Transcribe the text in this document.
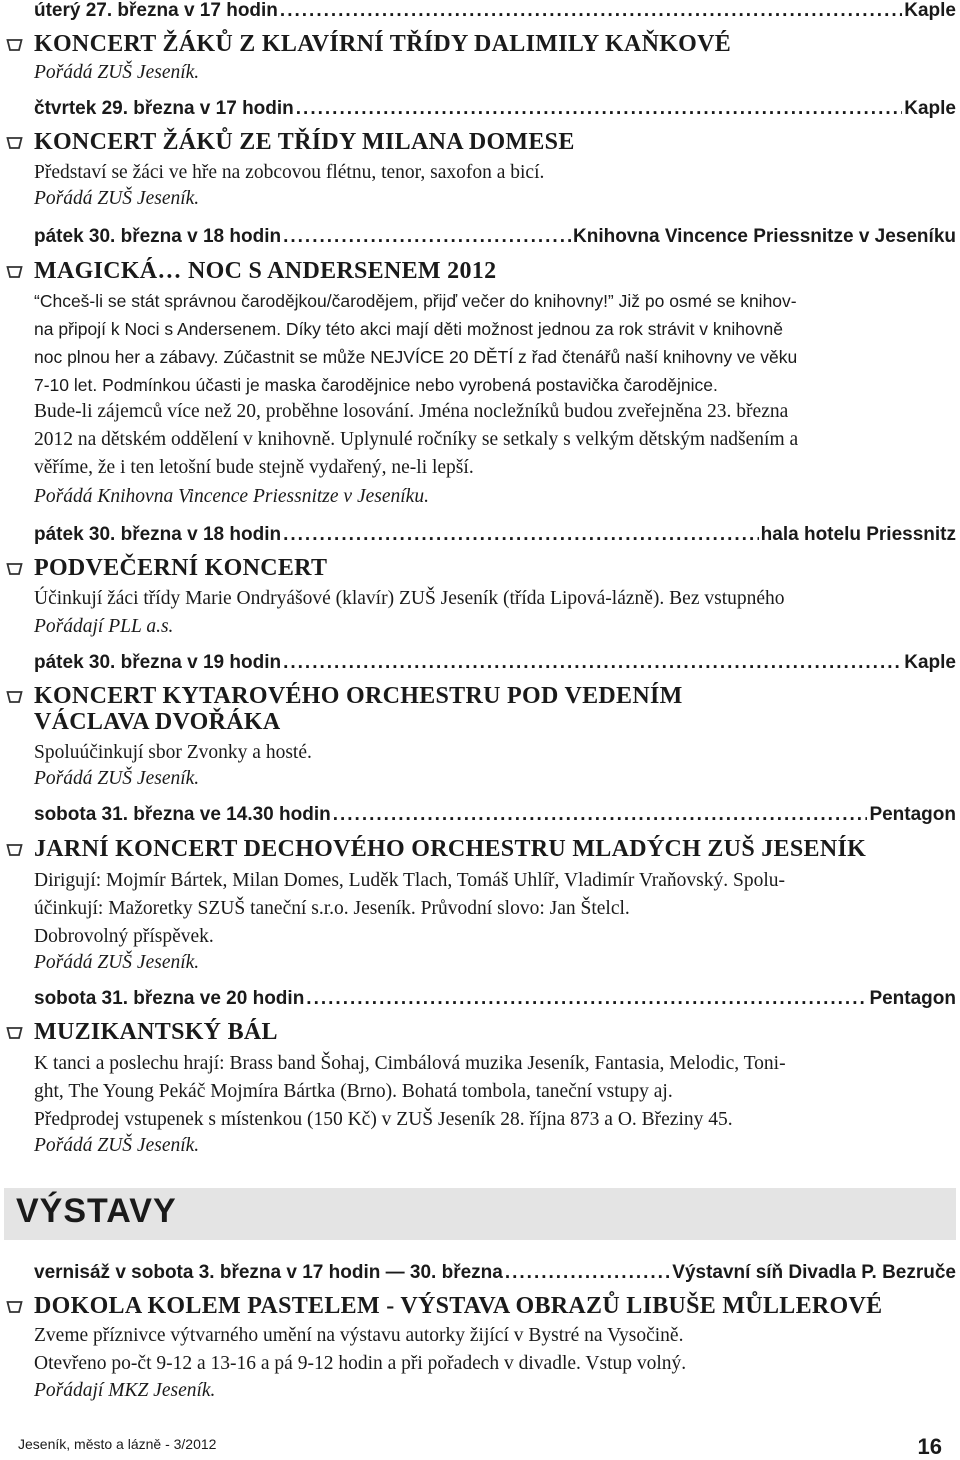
úterý 27. března v 17 hodin .....	Kaple
KONCERT ŽÁKŮ Z KLAVÍRNÍ TŘÍDY DALIMILY KAŇKOVÉ
Pořádá ZUŠ Jeseník.
čtvrtek 29. března v 17 hodin .....	Kaple
KONCERT ŽÁKŮ ZE TŘÍDY MILANA DOMESE
Představí se žáci ve hře na zobcovou flétnu, tenor, saxofon a bicí.
Pořádá ZUŠ Jeseník.
pátek 30. března v 18 hodin .....	Knihovna Vincence Priessnitze v Jeseníku
MAGICKÁ… NOC S ANDERSENEM 2012
“Chceš-li se stát správnou čarodějkou/čarodějem, přijď večer do knihovny!” Již po osmé se knihov-
na připojí k Noci s Andersenem. Díky této akci mají děti možnost jednou za rok strávit v knihovně
noc plnou her a zábavy. Zúčastnit se může NEJVÍCE 20 DĚTÍ z řad čtenářů naší knihovny ve věku
7-10 let. Podmínkou účasti je maska čarodějnice nebo vyrobená postavička čarodějnice.
Bude-li zájemců více než 20, proběhne losování. Jména nocležníků budou zveřejněna 23. března
2012 na dětském oddělení v knihovně. Uplynulé ročníky se setkaly s velkým dětským nadšením a
věříme, že i ten letošní bude stejně vydařený, ne-li lepší.
Pořádá Knihovna Vincence Priessnitze v Jeseníku.
pátek 30. března v 18 hodin .....	hala hotelu Priessnitz
PODVEČERNÍ KONCERT
Účinkují žáci třídy Marie Ondryášové (klavír) ZUŠ Jeseník (třída Lipová-lázně). Bez vstupného
Pořádají PLL a.s.
pátek 30. března v 19 hodin .....	Kaple
KONCERT KYTAROVÉHO ORCHESTRU POD VEDENÍM
VÁCLAVA DVOŘÁKA
Spoluúčinkují sbor Zvonky a hosté.
Pořádá ZUŠ Jeseník.
sobota 31. března ve 14.30 hodin .....	Pentagon
JARNÍ KONCERT DECHOVÉHO ORCHESTRU MLADÝCH ZUŠ JESENÍK
Dirigují: Mojmír Bártek, Milan Domes, Luděk Tlach, Tomáš Uhlíř, Vladimír Vraňovský. Spolu-
účinkují: Mažoretky SZUŠ taneční s.r.o. Jeseník. Průvodní slovo: Jan Štelcl.
Dobrovolný příspěvek.
Pořádá ZUŠ Jeseník.
sobota 31. března ve 20 hodin .....	Pentagon
MUZIKANTSKÝ BÁL
K tanci a poslechu hrají: Brass band Šohaj, Cimbálová muzika Jeseník, Fantasia, Melodic, Toni-
ght, The Young Pekáč Mojmíra Bártka (Brno). Bohatá tombola, taneční vstupy aj.
Předprodej vstupenek s místenkou (150 Kč) v ZUŠ Jeseník 28. října 873 a O. Březiny 45.
Pořádá ZUŠ Jeseník.
VÝSTAVY
vernisáž v sobota 3. března v 17 hodin — 30. března .....	Výstavní síň Divadla P. Bezruče
DOKOLA KOLEM PASTELEM - VÝSTAVA OBRAZŮ LIBUŠE MŮLLEROVÉ
Zveme příznivce výtvarného umění na výstavu autorky žijící v Bystré na Vysočině.
Otevřeno po-čt 9-12 a 13-16 a pá 9-12 hodin a při pořadech v divadle. Vstup volný.
Pořádají MKZ Jeseník.
Jeseník, město a lázně - 3/2012	16
